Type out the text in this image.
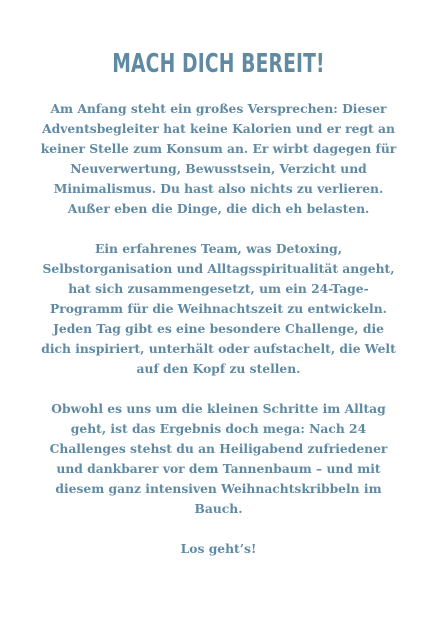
MACH DICH BEREIT!

Am Anfang steht ein großes Versprechen: Dieser Adventsbegleiter hat keine Kalorien und er regt an keiner Stelle zum Konsum an. Er wirbt dagegen für Neuverwertung, Bewusstsein, Verzicht und Minimalismus. Du hast also nichts zu verlieren. Außer eben die Dinge, die dich eh belasten.

Ein erfahrenes Team, was Detoxing, Selbstorganisation und Alltagsspiritualität angeht, hat sich zusammengesetzt, um ein 24-Tage-Programm für die Weihnachtszeit zu entwickeln.

Jeden Tag gibt es eine besondere Challenge, die dich inspiriert, unterhält oder aufstachelt, die Welt auf den Kopf zu stellen.

Obwohl es uns um die kleinen Schritte im Alltag geht, ist das Ergebnis doch mega: Nach 24 Challenges stehst du an Heiligabend zufriedener und dankbarer vor dem Tannenbaum – und mit diesem ganz intensiven Weihnachtskribbeln im Bauch.

Los geht’s!
